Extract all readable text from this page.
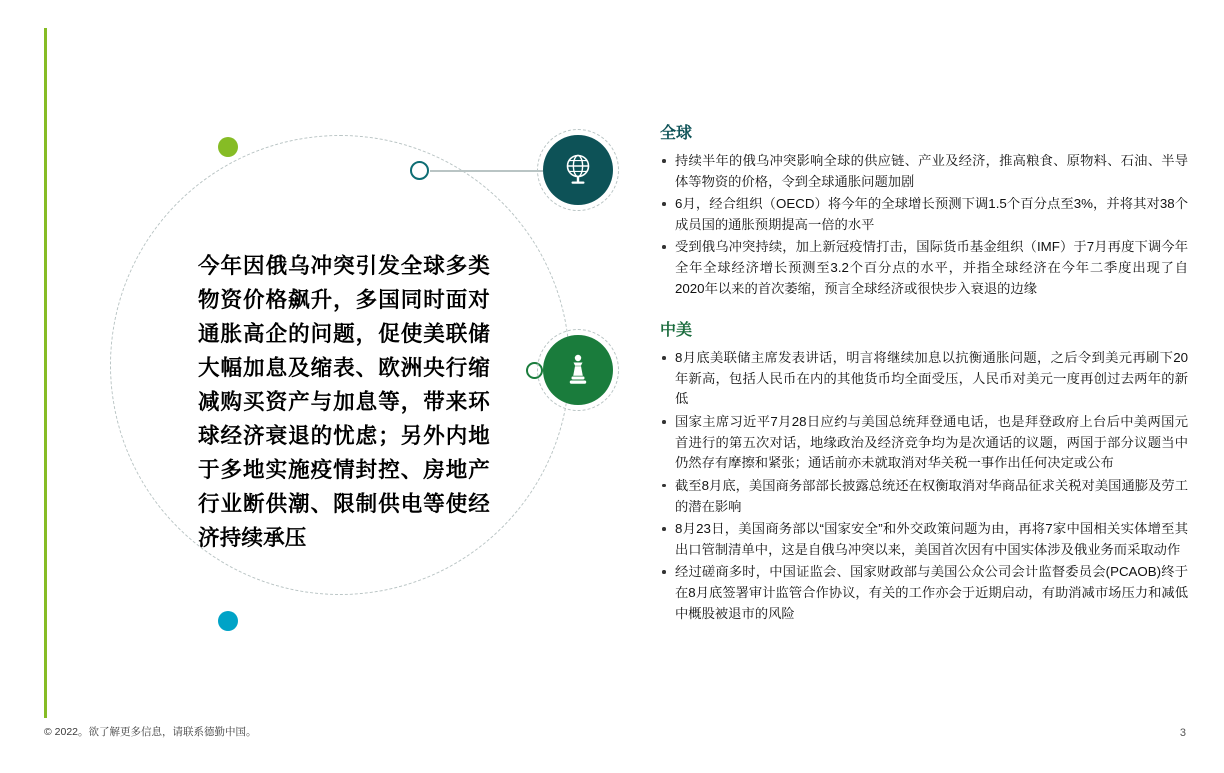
今年因俄乌冲突引发全球多类物资价格飙升，多国同时面对通胀高企的问题，促使美联储大幅加息及缩表、欧洲央行缩减购买资产与加息等，带来环球经济衰退的忧虑；另外内地于多地实施疫情封控、房地产行业断供潮、限制供电等使经济持续承压
全球
持续半年的俄乌冲突影响全球的供应链、产业及经济，推高粮食、原物料、石油、半导体等物资的价格，令到全球通胀问题加剧
6月，经合组织（OECD）将今年的全球增长预测下调1.5个百分点至3%，并将其对38个成员国的通胀预期提高一倍的水平
受到俄乌冲突持续，加上新冠疫情打击，国际货币基金组织（IMF）于7月再度下调今年全年全球经济增长预测至3.2个百分点的水平，并指全球经济在今年二季度出现了自2020年以来的首次萎缩，预言全球经济或很快步入衰退的边缘
中美
8月底美联储主席发表讲话，明言将继续加息以抗衡通胀问题，之后令到美元再刷下20年新高，包括人民币在内的其他货币均全面受压，人民币对美元一度再创过去两年的新低
国家主席习近平7月28日应约与美国总统拜登通电话，也是拜登政府上台后中美两国元首进行的第五次对话，地缘政治及经济竞争均为是次通话的议题，两国于部分议题当中仍然存有摩擦和紧张；通话前亦未就取消对华关税一事作出任何决定或公布
截至8月底，美国商务部部长披露总统还在权衡取消对华商品征求关税对美国通膨及劳工的潜在影响
8月23日，美国商务部以“国家安全”和外交政策问题为由，再将7家中国相关实体增至其出口管制清单中，这是自俄乌冲突以来，美国首次因有中国实体涉及俄业务而采取动作
经过磋商多时，中国证监会、国家财政部与美国公众公司会计监督委员会(PCAOB)终于在8月底签署审计监管合作协议，有关的工作亦会于近期启动，有助消减市场压力和减低中概股被退市的风险
© 2022。欲了解更多信息，请联系德勤中国。	3
